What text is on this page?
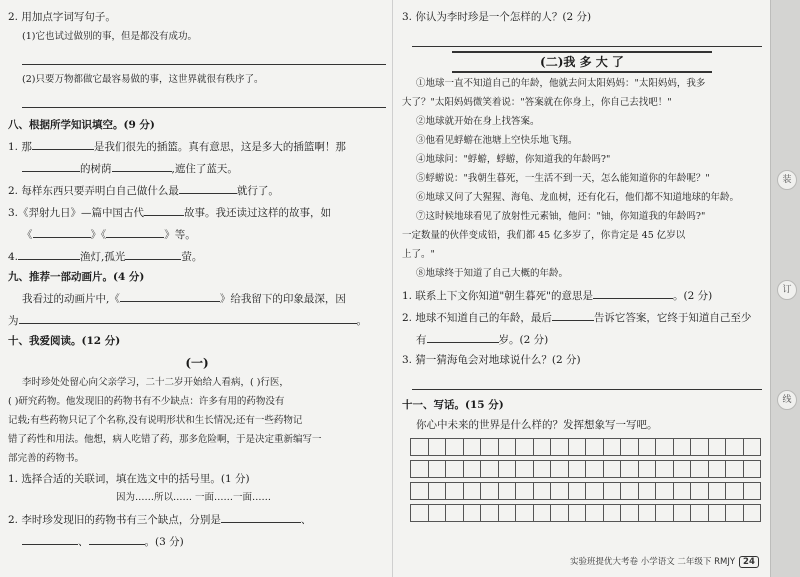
2. 用加点字词写句子。

(1)它也试过做别的事，但是都没有成功。

(2)只要万物都做它最容易做的事，这世界就很有秩序了。

八、根据所学知识填空。(9 分)

1. 那	是我们很先的插篮。真有意思，这是多大的插篮啊！那

的树荫	,遮住了蓝天。

2. 每样东西只要弄明白自己做什么最	就行了。

3.《羿射九日》—篇中国古代	故事。我还读过这样的故事，如

《	》《	》等。

4.	渔灯,孤光	萤。

九、推荐一部动画片。(4 分)

我看过的动画片中,《	》给我留下的印象最深，因

为	。

十、我爱阅读。(12 分)

(一)

李时珍处处留心向父亲学习，二十二岁开始给人看病，( )行医，

( )研究药物。他发现旧的药物书有不少缺点：许多有用的药物没有

记载;有些药物只记了个名称,没有说明形状和生长情况;还有一些药物记

错了药性和用法。他想，病人吃错了药，那多危险啊，于是决定重新编写一

部完善的药物书。

1. 选择合适的关联词，填在选文中的括号里。(1 分)

因为……所以…… 一面……一面……

2. 李时珍发现旧的药物书有三个缺点，分别是	、

、	。(3 分)

3. 你认为李时珍是一个怎样的人？(2 分)

(二)我 多 大 了

①地球一直不知道自己的年龄，他就去问太阳妈妈："太阳妈妈，我多

大了？"太阳妈妈微笑着说："答案就在你身上，你自己去找吧！"

②地球就开始在身上找答案。

③他看见蜉蝣在池塘上空快乐地飞翔。

④地球问："蜉蝣，蜉蝣，你知道我的年龄吗?"

⑤蜉蝣说："我朝生暮死，一生活不到一天，怎么能知道你的年龄呢？"

⑥地球又问了大猩猩、海龟、龙血树，还有化石，他们都不知道地球的年龄。

⑦这时候地球看见了放射性元素铀，他问："铀，你知道我的年龄吗?"

一定数量的伙伴变成铅，我们都 45 亿多岁了，你肯定是 45 亿岁以

上了。"

⑧地球终于知道了自己大概的年龄。

1. 联系上下文你知道"朝生暮死"的意思是	。(2 分)

2. 地球不知道自己的年龄，最后	告诉它答案，它终于知道自己至少

有	岁。(2 分)

3. 猜一猜海龟会对地球说什么？(2 分)

十一、写话。(15 分)

你心中未来的世界是什么样的？发挥想象写一写吧。

装
订
线
实验班提优大考卷 小学语文 二年级下 RMJY 24
